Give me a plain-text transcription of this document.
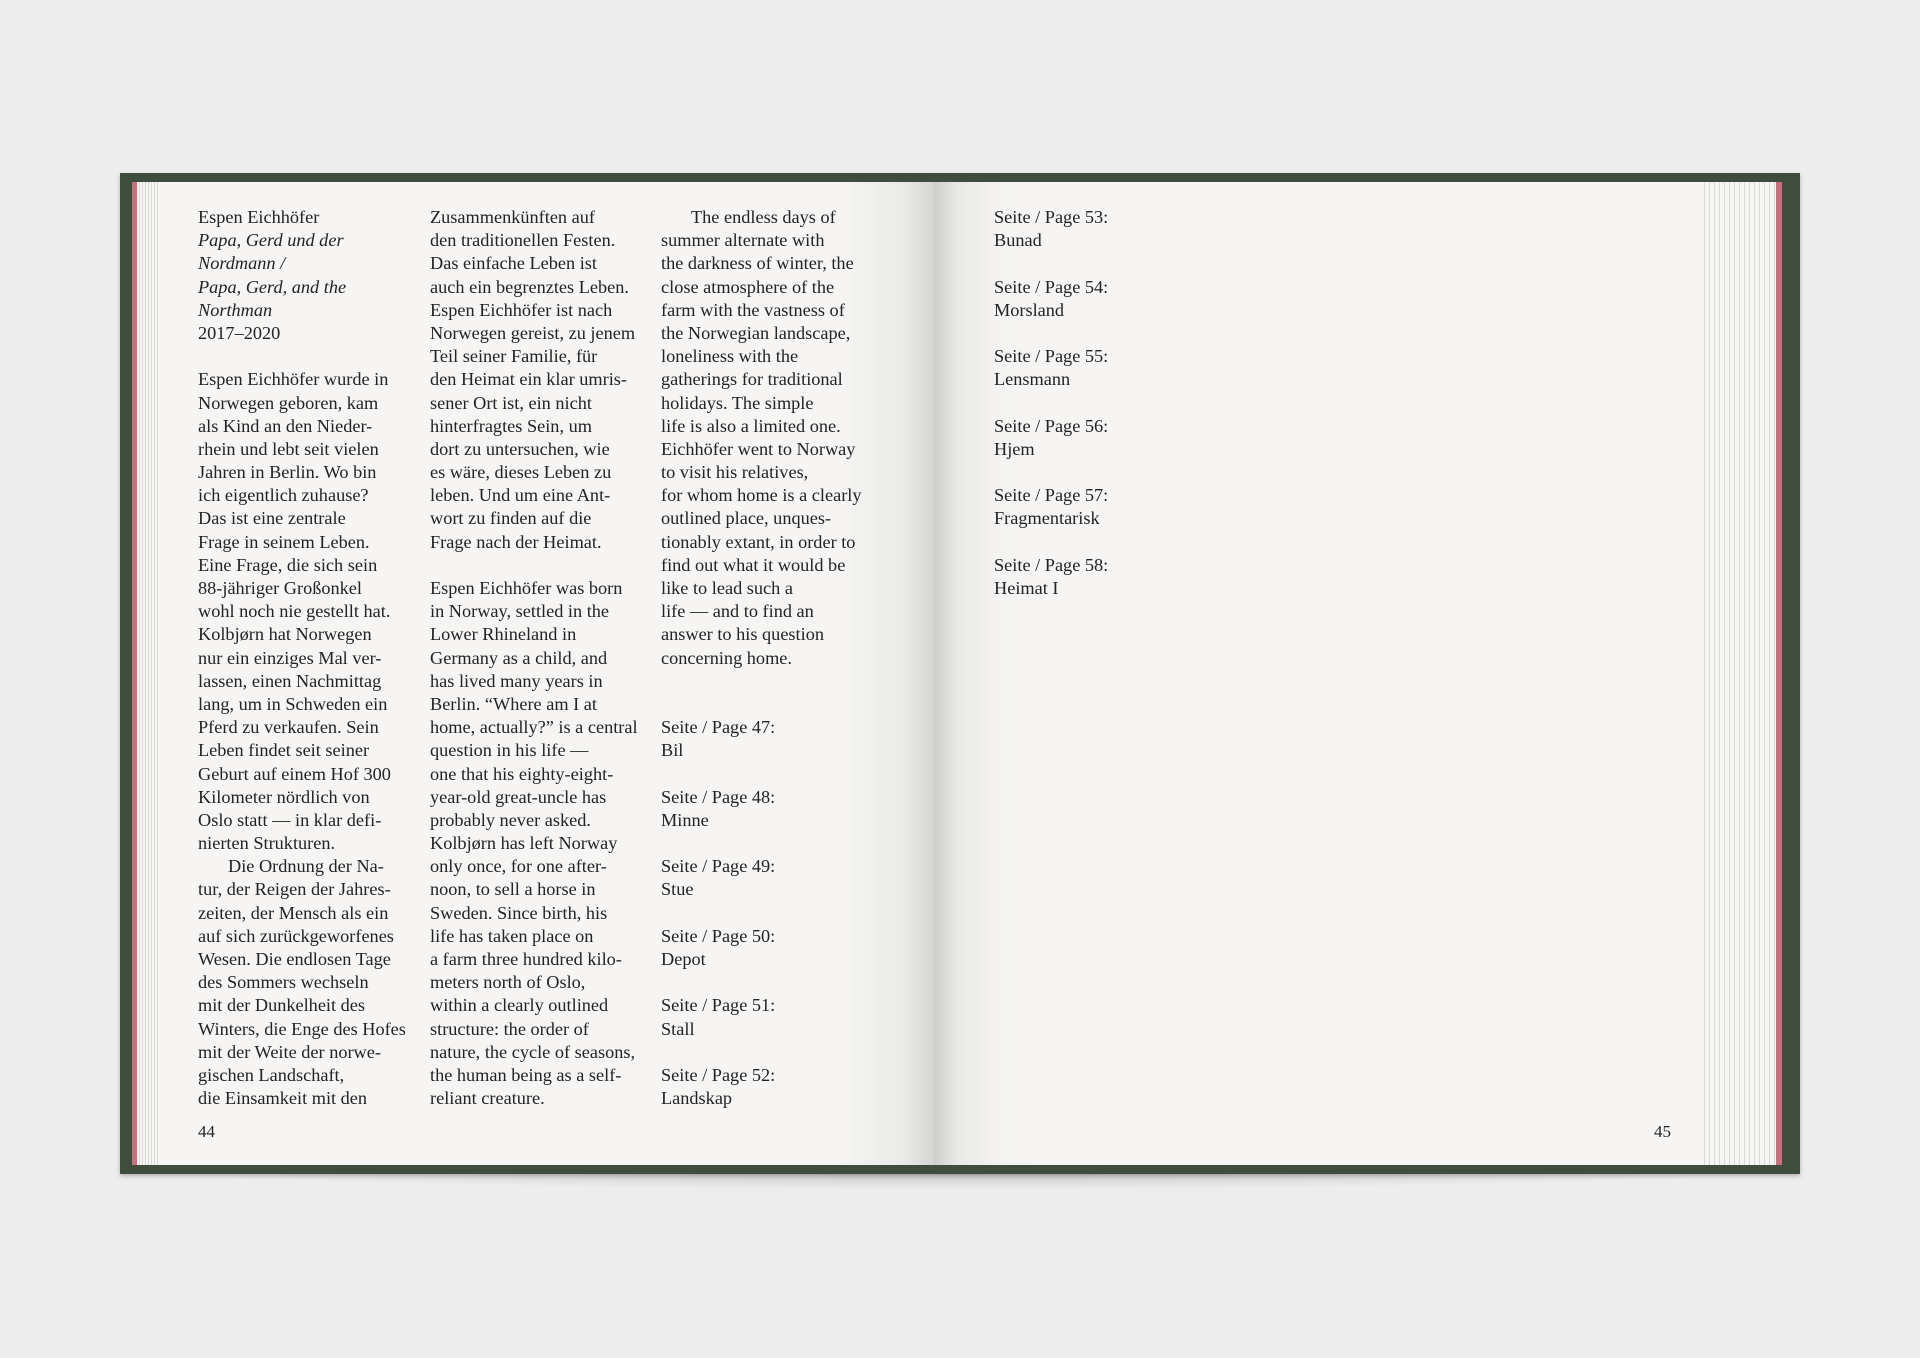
Espen Eichhöfer
Papa, Gerd und der
Nordmann /
Papa, Gerd, and the
Northman
2017–2020
Espen Eichhöfer wurde in
Norwegen geboren, kam
als Kind an den Nieder-
rhein und lebt seit vielen
Jahren in Berlin. Wo bin
ich eigentlich zuhause?
Das ist eine zentrale
Frage in seinem Leben.
Eine Frage, die sich sein
88-jähriger Großonkel
wohl noch nie gestellt hat.
Kolbjørn hat Norwegen
nur ein einziges Mal ver-
lassen, einen Nachmittag
lang, um in Schweden ein
Pferd zu verkaufen. Sein
Leben findet seit seiner
Geburt auf einem Hof 300
Kilometer nördlich von
Oslo statt — in klar defi-
nierten Strukturen.
Die Ordnung der Na-
tur, der Reigen der Jahres-
zeiten, der Mensch als ein
auf sich zurückgeworfenes
Wesen. Die endlosen Tage
des Sommers wechseln
mit der Dunkelheit des
Winters, die Enge des Hofes
mit der Weite der norwe-
gischen Landschaft,
die Einsamkeit mit den
Zusammenkünften auf
den traditionellen Festen.
Das einfache Leben ist
auch ein begrenztes Leben.
Espen Eichhöfer ist nach
Norwegen gereist, zu jenem
Teil seiner Familie, für
den Heimat ein klar umris-
sener Ort ist, ein nicht
hinterfragtes Sein, um
dort zu untersuchen, wie
es wäre, dieses Leben zu
leben. Und um eine Ant-
wort zu finden auf die
Frage nach der Heimat.
Espen Eichhöfer was born
in Norway, settled in the
Lower Rhineland in
Germany as a child, and
has lived many years in
Berlin. “Where am I at
home, actually?” is a central
question in his life —
one that his eighty-eight-
year-old great-uncle has
probably never asked.
Kolbjørn has left Norway
only once, for one after-
noon, to sell a horse in
Sweden. Since birth, his
life has taken place on
a farm three hundred kilo-
meters north of Oslo,
within a clearly outlined
structure: the order of
nature, the cycle of seasons,
the human being as a self-
reliant creature.
The endless days of
summer alternate with
the darkness of winter, the
close atmosphere of the
farm with the vastness of
the Norwegian landscape,
loneliness with the
gatherings for traditional
holidays. The simple
life is also a limited one.
Eichhöfer went to Norway
to visit his relatives,
for whom home is a clearly
outlined place, unques-
tionably extant, in order to
find out what it would be
like to lead such a
life — and to find an
answer to his question
concerning home.
Seite / Page 47:
Bil
Seite / Page 48:
Minne
Seite / Page 49:
Stue
Seite / Page 50:
Depot
Seite / Page 51:
Stall
Seite / Page 52:
Landskap
44
Seite / Page 53:
Bunad
Seite / Page 54:
Morsland
Seite / Page 55:
Lensmann
Seite / Page 56:
Hjem
Seite / Page 57:
Fragmentarisk
Seite / Page 58:
Heimat I
45
